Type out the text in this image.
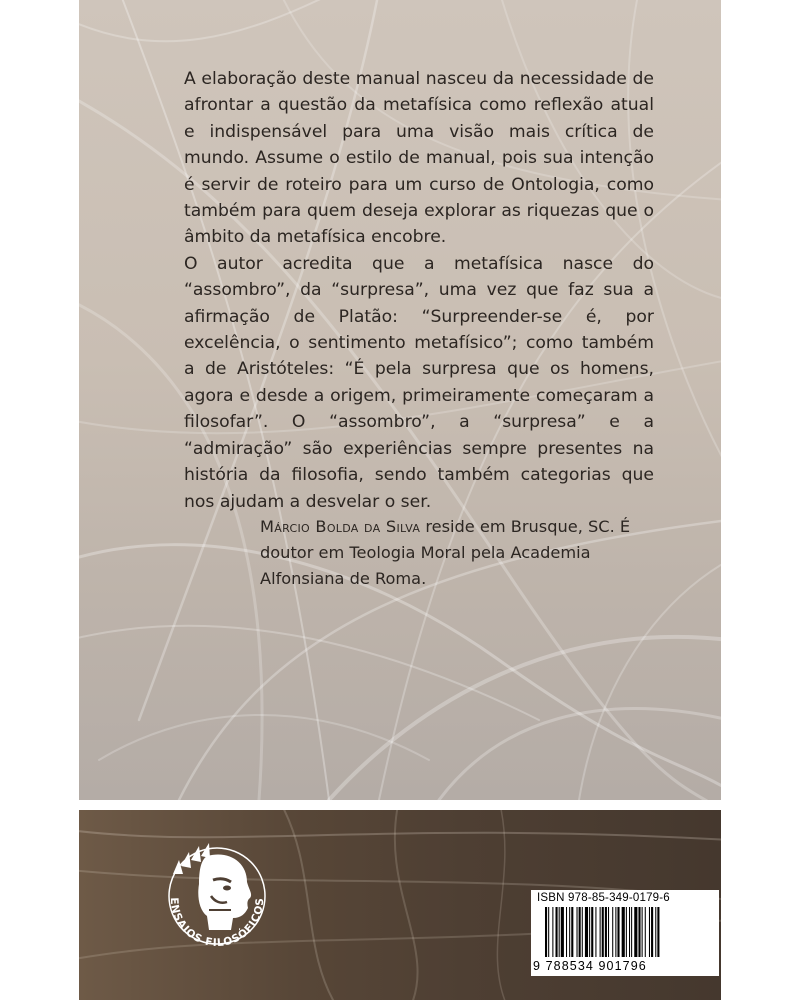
A elaboração deste manual nasceu da necessidade de afrontar a questão da metafísica como reflexão atual e indispensável para uma visão mais crítica de mundo. Assume o estilo de manual, pois sua intenção é servir de roteiro para um curso de Ontologia, como também para quem deseja explorar as riquezas que o âmbito da metafísica encobre.

O autor acredita que a metafísica nasce do “assombro”, da “surpresa”, uma vez que faz sua a afirmação de Platão: “Surpreender-se é, por excelência, o sentimento metafísico”; como também a de Aristóteles: “É pela surpresa que os homens, agora e desde a origem, primeiramente começaram a filosofar”. O “assombro”, a “surpresa” e a “admiração” são experiências sempre presentes na história da filosofia, sendo também categorias que nos ajudam a desvelar o ser.

Márcio Bolda da Silva reside em Brusque, SC. É doutor em Teologia Moral pela Academia Alfonsiana de Roma.
ENSAIOS FILOSÓFICOS	ISBN 978-85-349-0179-6
9 788534 901796
